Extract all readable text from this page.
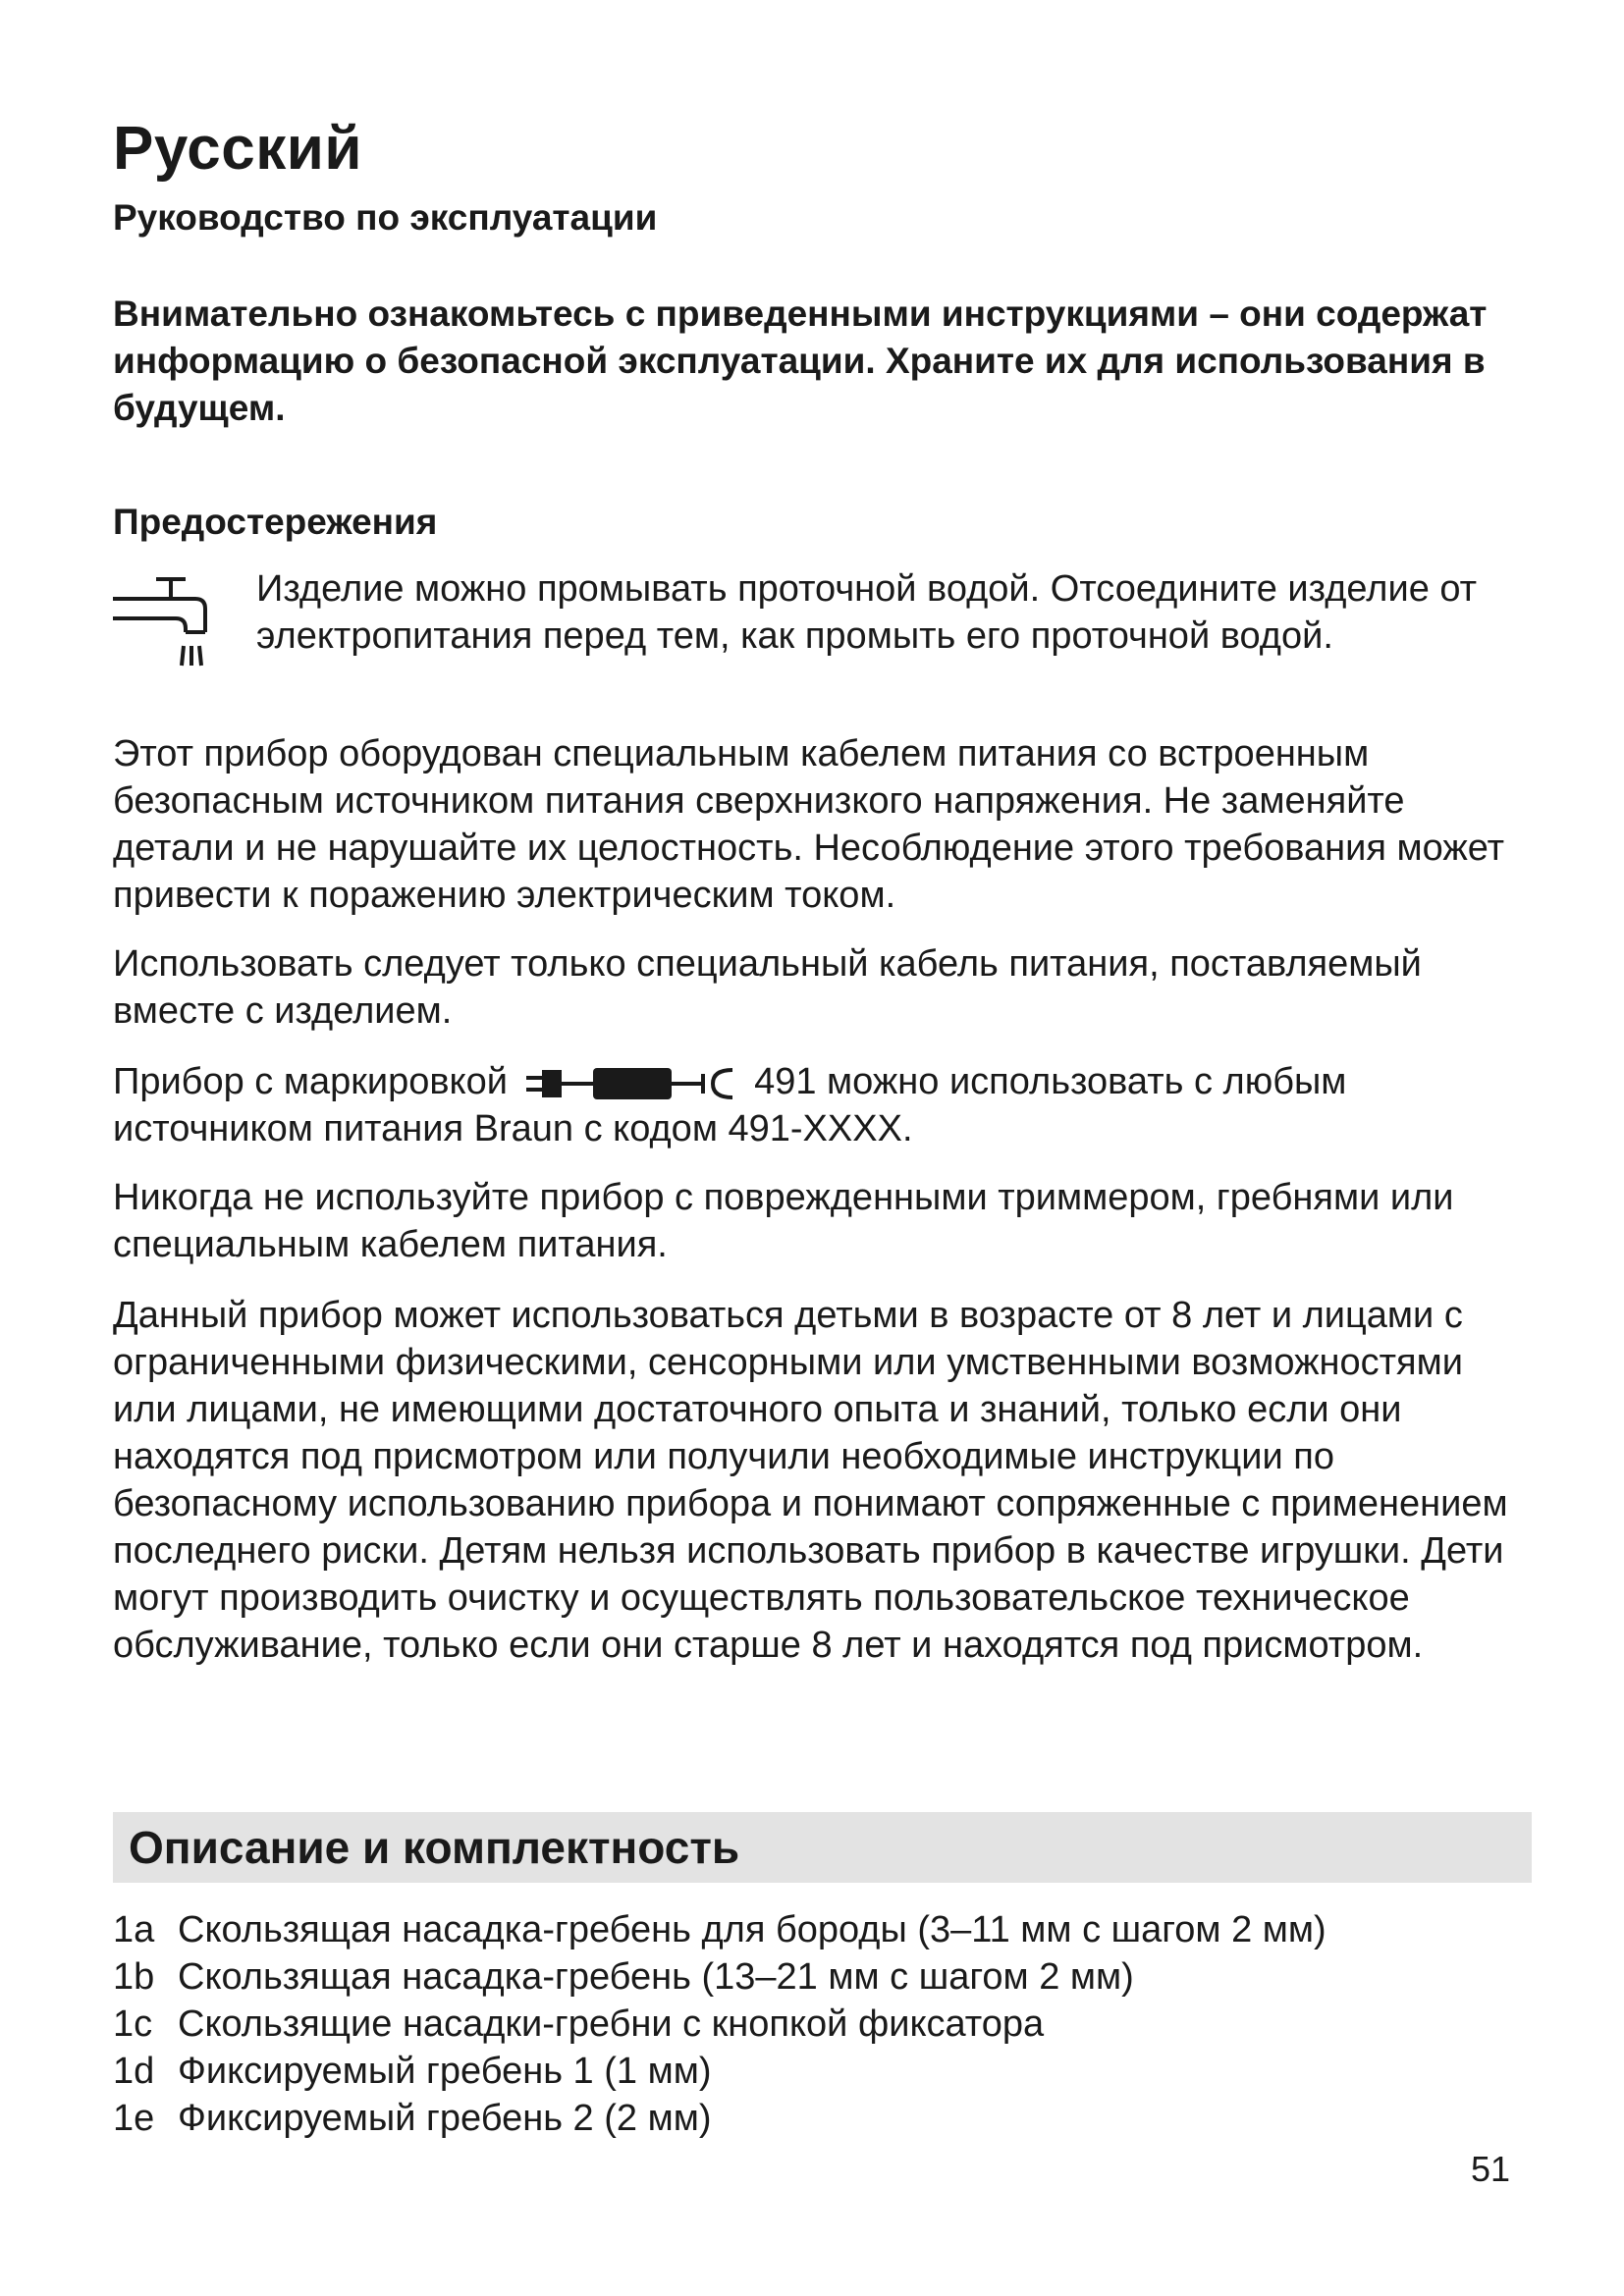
Русский

Руководство по эксплуатации

Внимательно ознакомьтесь с приведенными инструкциями – они содержат информацию о безопасной эксплуатации. Храните их для использования в будущем.

Предостережения

Изделие можно промывать проточной водой. Отсоедините изделие от электропитания перед тем, как промыть его проточной водой.

Этот прибор оборудован специальным кабелем питания со встроенным безопасным источником питания сверхнизкого напряжения. Не заменяйте детали и не нарушайте их целостность. Несоблюдение этого требования может привести к поражению электрическим током.

Использовать следует только специальный кабель питания, поставляемый вместе с изделием.

Прибор с маркировкой	491 можно использовать с любым источником питания Braun с кодом 491-XXXX.

Никогда не используйте прибор с поврежденными триммером, гребнями или специальным кабелем питания.

Данный прибор может использоваться детьми в возрасте от 8 лет и лицами с ограниченными физическими, сенсорными или умственными возможностями или лицами, не имеющими достаточного опыта и знаний, только если они находятся под присмотром или получили необходимые инструкции по безопасному использованию прибора и понимают сопряженные с применением последнего риски. Детям нельзя использовать прибор в качестве игрушки. Дети могут производить очистку и осуществлять пользовательское техническое обслуживание, только если они старше 8 лет и находятся под присмотром.

Описание и комплектность

1a Скользящая насадка-гребень для бороды (3–11 мм с шагом 2 мм)
1b Скользящая насадка-гребень (13–21 мм с шагом 2 мм)
1c Скользящие насадки-гребни с кнопкой фиксатора
1d Фиксируемый гребень 1 (1 мм)
1e Фиксируемый гребень 2 (2 мм)

51
